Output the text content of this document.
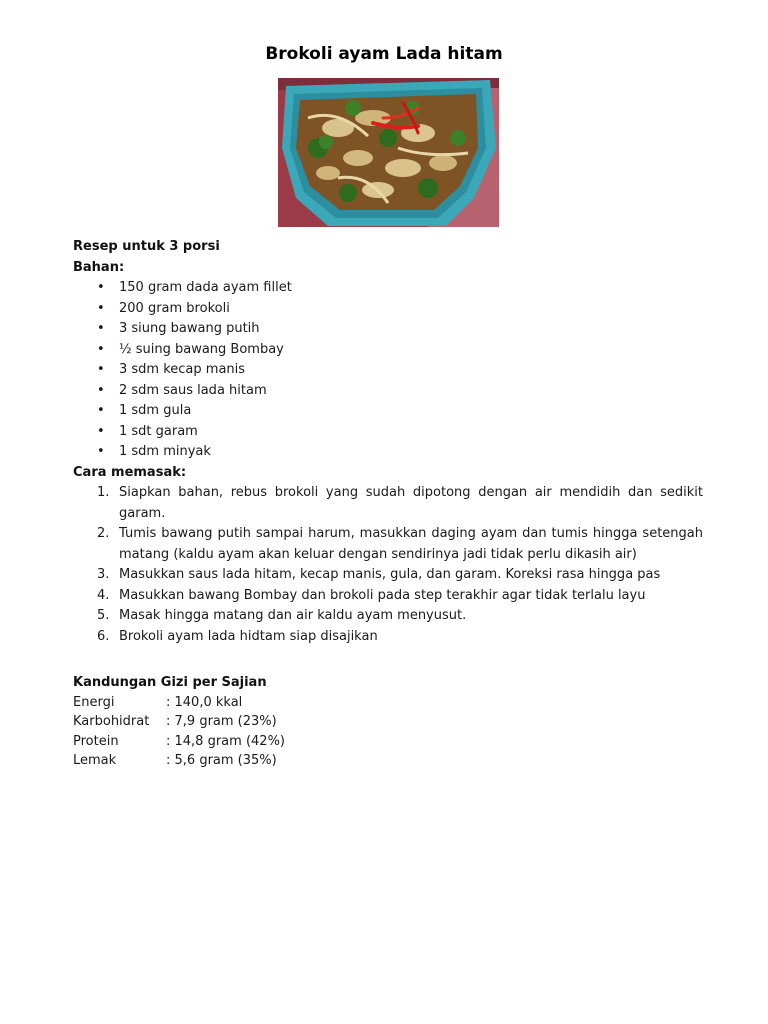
Brokoli ayam Lada hitam
Resep untuk 3 porsi
Bahan:
• 150 gram dada ayam fillet
• 200 gram brokoli
• 3 siung bawang putih
• ½ suing bawang Bombay
• 3 sdm kecap manis
• 2 sdm saus lada hitam
• 1 sdm gula
• 1 sdt garam
• 1 sdm minyak
Cara memasak:
1. Siapkan bahan, rebus brokoli yang sudah dipotong dengan air mendidih dan sedikit garam.
2. Tumis bawang putih sampai harum, masukkan daging ayam dan tumis hingga setengah matang (kaldu ayam akan keluar dengan sendirinya jadi tidak perlu dikasih air)
3. Masukkan saus lada hitam, kecap manis, gula, dan garam. Koreksi rasa hingga pas
4. Masukkan bawang Bombay dan brokoli pada step terakhir agar tidak terlalu layu
5. Masak hingga matang dan air kaldu ayam menyusut.
6. Brokoli ayam lada hidtam siap disajikan
Kandungan Gizi per Sajian
Energi	: 140,0 kkal
Karbohidrat	: 7,9 gram (23%)
Protein	: 14,8 gram (42%)
Lemak	: 5,6 gram (35%)
